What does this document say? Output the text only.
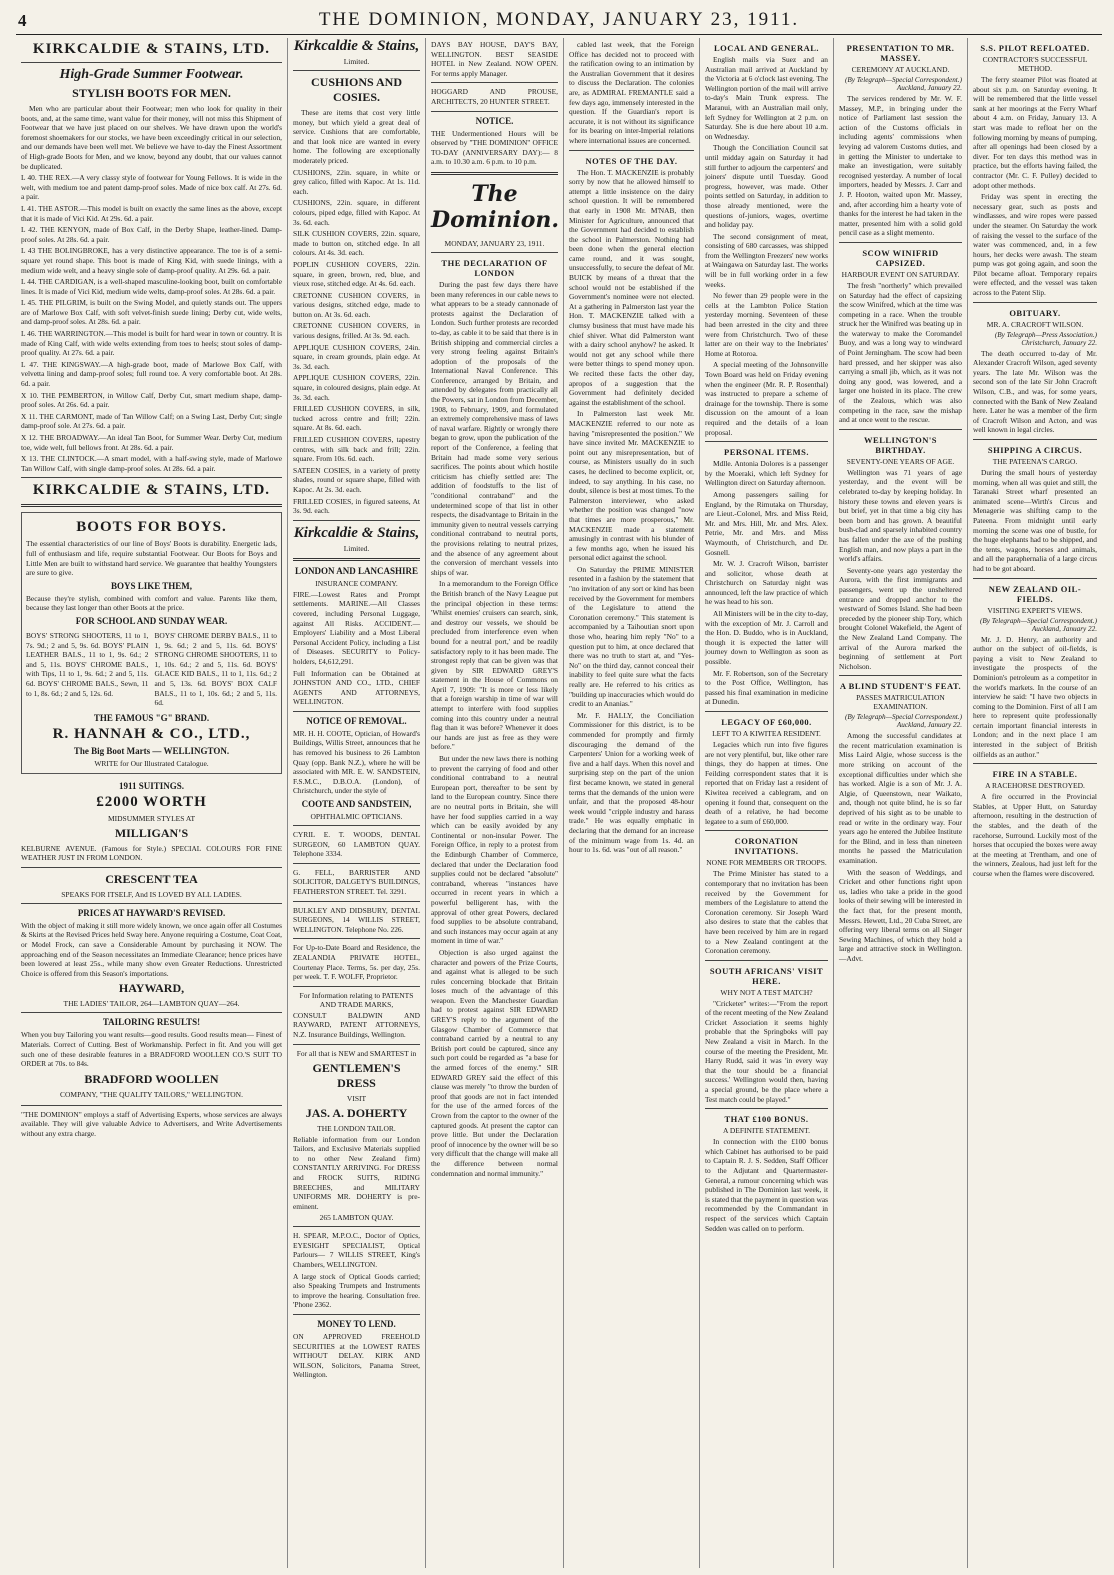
4	THE DOMINION, MONDAY, JANUARY 23, 1911.
KIRKCALDIE & STAINS, LTD.
High-Grade Summer Footwear.
STYLISH BOOTS FOR MEN.

Men who are particular about their Footwear; men who look for quality in their boots, and, at the same time, want value for their money, will not miss this Shipment of Footwear that we have just placed on our shelves. We have drawn upon the world's foremost shoemakers for our stocks, we have been exceedingly critical in our selection, and our demands have been well met. We believe we have to-day the Finest Assortment of High-grade Boots for Men, and we know, beyond any doubt, that our values cannot be duplicated.

L 40. THE REX.—A very classy style of footwear for Young Fellows. It is wide in the welt, with medium toe and patent damp-proof soles. Made of nice box calf. At 27s. 6d. a pair.
L 41. THE ASTOR.—This model is built on exactly the same lines as the above, except that it is made of Vici Kid. At 29s. 6d. a pair.
L 42. THE KENYON, made of Box Calf, in the Derby Shape, leather-lined. Damp-proof soles. At 28s. 6d. a pair.
L 43 THE BOLINGBROKE, has a very distinctive appearance. The toe is of a semi-square yet round shape. This boot is made of King Kid, with suede linings, with a medium wide welt, and a heavy single sole of damp-proof quality. At 29s. 6d. a pair.
L 44. THE CARDIGAN, is a well-shaped masculine-looking boot, built on comfortable lines. It is made of Vici Kid, medium wide welts, damp-proof soles. At 28s. 6d. a pair.
L 45. THE PILGRIM, is built on the Swing Model, and quietly stands out. The uppers are of Marlowe Box Calf, with soft velvet-finish suede lining; Derby cut, wide welts, and damp-proof soles. At 28s. 6d. a pair.
L 46. THE WARRINGTON.—This model is built for hard wear in town or country. It is made of King Calf, with wide welts extending from toes to heels; stout soles of damp-proof quality. At 27s. 6d. a pair.
L 47. THE KINGSWAY.—A high-grade boot, made of Marlowe Box Calf, with velvetta lining and damp-proof soles; full round toe. A very comfortable boot. At 28s. 6d. a pair.
X 10. THE PEMBERTON, in Willow Calf, Derby Cut, smart medium shape, damp-proof soles. At 26s. 6d. a pair.
X 11. THE CARMONT, made of Tan Willow Calf; on a Swing Last, Derby Cut; single damp-proof sole. At 27s. 6d. a pair.
X 12. THE BROADWAY.—An ideal Tan Boot, for Summer Wear. Derby Cut, medium toe, wide welt, full bellows front. At 28s. 6d. a pair.
X 13. THE CLINTOCK.—A smart model, with a half-swing style, made of Marlowe Tan Willow Calf, with single damp-proof soles. At 28s. 6d. a pair.
KIRKCALDIE & STAINS, LTD.
BOOTS FOR BOYS.

The essential characteristics of our line of Boys' Boots is durability. Energetic lads, full of enthusiasm and life, require substantial Footwear. Our Boots for Boys and Little Men are built to withstand hard service. We guarantee that healthy Youngsters are sure to give.

BOYS LIKE THEM,

Because they're stylish, combined with comfort and value. Parents like them, because they last longer than other Boots at the price.

FOR SCHOOL AND SUNDAY WEAR.

BOYS' STRONG SHOOTERS, 11 to 1, 7s. 9d.; 2 and 5, 9s. 6d. BOYS' PLAIN LEATHER BALS., 11 to 1, 9s. 6d.; 2 and 5, 11s. BOYS' CHROME BALS., with Tips, 11 to 1, 9s. 6d.; 2 and 5, 11s. 6d. BOYS' CHROME BALS., Sewn, 11 to 1, 8s. 6d.; 2 and 5, 12s. 6d.

BOYS' CHROME DERBY BALS., 11 to 1, 9s. 6d.; 2 and 5, 11s. 6d. BOYS' STRONG CHROME SHOOTERS, 11 to 1, 10s. 6d.; 2 and 5, 11s. 6d. BOYS' GLACE KID BALS., 11 to 1, 11s. 6d.; 2 and 5, 13s. 6d. BOYS' BOX CALF BALS., 11 to 1, 10s. 6d.; 2 and 5, 11s. 6d.

THE FAMOUS "G" BRAND.
R. HANNAH & CO., LTD.,
The Big Boot Marts — WELLINGTON.
WRITE for Our Illustrated Catalogue.
1911 SUITINGS.
£2000 WORTH
MIDSUMMER STYLES AT
MILLIGAN'S

KELBURNE AVENUE. (Famous for Style.) SPECIAL COLOURS FOR FINE WEATHER JUST IN FROM LONDON.

CRESCENT TEA
SPEAKS FOR ITSELF, And IS LOVED BY ALL LADIES.
PRICES AT HAYWARD'S REVISED.

With the object of making it still more widely known, we once again offer all Costumes & Skirts at the Revised Prices held Sway here. Anyone requiring a Costume, Coat Coat, or Model Frock, can save a Considerable Amount by purchasing it NOW. The approaching end of the Season necessitates an Immediate Clearance; hence prices have been lowered at least 25s., while many show even Greater Reductions. Unrestricted Choice is offered from this Season's importations.

HAYWARD,
THE LADIES' TAILOR, 264—LAMBTON QUAY—264.
TAILORING RESULTS!

When you buy Tailoring you want results—good results. Good results mean— Finest of Materials. Correct of Cutting. Best of Workmanship. Perfect in fit. And you will get such one of these desirable features in a BRADFORD WOOLLEN CO.'S SUIT TO ORDER at 70s. to 84s.

BRADFORD WOOLLEN
COMPANY, "THE QUALITY TAILORS," WELLINGTON.

"THE DOMINION" employs a staff of Advertising Experts, whose services are always available. They will give valuable Advice to Advertisers, and Write Advertisements without any extra charge.

Kirkcaldie & Stains,
Limited.
CUSHIONS AND COSIES.

These are items that cost very little money, but which yield a great deal of service. Cushions that are comfortable, and that look nice are wanted in every home. The following are exceptionally moderately priced.

CUSHIONS, 22in. square, in white or grey calico, filled with Kapoc. At 1s. 11d. each.
CUSHIONS, 22in. square, in different colours, piped edge, filled with Kapoc. At 3s. 6d. each.
SILK CUSHION COVERS, 22in. square, made to button on, stitched edge. In all colours. At 4s. 3d. each.
POPLIN CUSHION COVERS, 22in. square, in green, brown, red, blue, and vieux rose, stitched edge. At 4s. 6d. each.
CRETONNE CUSHION COVERS, in various designs, stitched edge, made to button on. At 3s. 6d. each.
CRETONNE CUSHION COVERS, in various designs, frilled. At 3s. 9d. each.
APPLIQUE CUSHION COVERS, 24in. square, in cream grounds, plain edge. At 3s. 3d. each.
APPLIQUE CUSHION COVERS, 22in. square, in coloured designs, plain edge. At 3s. 3d. each.
FRILLED CUSHION COVERS, in silk, tucked across centre and frill; 22in. square. At 8s. 6d. each.
FRILLED CUSHION COVERS, tapestry centres, with silk back and frill; 22in. square. From 10s. 6d. each.
SATEEN COSIES, in a variety of pretty shades, round or square shape, filled with Kapoc. At 2s. 3d. each.
FRILLED COSIES, in figured sateens, At 3s. 9d. each.
Kirkcaldie & Stains,
Limited.
LONDON AND LANCASHIRE
INSURANCE COMPANY.

FIRE.—Lowest Rates and Prompt settlements. MARINE.—All Classes covered, including Personal Luggage, against All Risks. ACCIDENT.—Employers' Liability and a Most Liberal Personal Accident Policy, including a List of Diseases. SECURITY to Policy-holders, £4,612,291.

Full Information can be Obtained at JOHNSTON AND CO., LTD., CHIEF AGENTS AND ATTORNEYS, WELLINGTON.

NOTICE OF REMOVAL.

MR. H. H. COOTE, Optician, of Howard's Buildings, Willis Street, announces that he has removed his business to 26 Lambton Quay (opp. Bank N.Z.), where he will be associated with MR. E. W. SANDSTEIN, F.S.M.C., D.B.O.A. (London), of Christchurch, under the style of

COOTE AND SANDSTEIN,
OPHTHALMIC OPTICIANS.

CYRIL E. T. WOODS, DENTAL SURGEON, 60 LAMBTON QUAY. Telephone 3334.

G. FELL, BARRISTER AND SOLICITOR, DALGETY'S BUILDINGS, FEATHERSTON STREET. Tel. 3291.

BULKLEY AND DIDSBURY, DENTAL SURGEONS, 14 WILLIS STREET, WELLINGTON. Telephone No. 226.

For Up-to-Date Board and Residence, the ZEALANDIA PRIVATE HOTEL, Courtenay Place. Terms, 5s. per day, 25s. per week. T. F. WOLFF, Proprietor.

For Information relating to PATENTS AND TRADE MARKS,

CONSULT BALDWIN AND RAYWARD, PATENT ATTORNEYS, N.Z. Insurance Buildings, Wellington.

For all that is NEW and SMARTEST in
GENTLEMEN'S DRESS
VISIT
JAS. A. DOHERTY
THE LONDON TAILOR.

Reliable information from our London Tailors, and Exclusive Materials supplied to no other New Zealand firm) CONSTANTLY ARRIVING. For DRESS and FROCK SUITS, RIDING BREECHES, and MILITARY UNIFORMS MR. DOHERTY is pre-eminent.

265 LAMBTON QUAY.

H. SPEAR, M.P.O.C., Doctor of Optics, EYESIGHT SPECIALIST, Optical Parlours— 7 WILLIS STREET, King's Chambers, WELLINGTON.

A large stock of Optical Goods carried; also Speaking Trumpets and Instruments to improve the hearing. Consultation free. 'Phone 2362.

MONEY TO LEND.

ON APPROVED FREEHOLD SECURITIES at the LOWEST RATES WITHOUT DELAY. KIRK AND WILSON, Solicitors, Panama Street, Wellington.

DAYS BAY HOUSE, DAY'S BAY, WELLINGTON. BEST SEASIDE HOTEL in New Zealand. NOW OPEN. For terms apply Manager.

HOGGARD AND PROUSE, ARCHITECTS, 20 HUNTER STREET.

NOTICE.

THE Undermentioned Hours will be observed by "THE DOMINION" OFFICE TO-DAY (ANNIVERSARY DAY):— 8 a.m. to 10.30 a.m. 6 p.m. to 10 p.m.

The Dominion.
MONDAY, JANUARY 23, 1911.
THE DECLARATION OF LONDON

During the past few days there have been many references in our cable news to what appears to be a steady cannonade of protests against the Declaration of London. Such further protests are recorded to-day, as cable it to be said that there is in British shipping and commercial circles a very strong feeling against Britain's adoption of the proposals of the International Naval Conference. This Conference, arranged by Britain, and attended by delegates from practically all the Powers, sat in London from December, 1908, to February, 1909, and formulated an extremely comprehensive mass of laws of naval warfare. Rightly or wrongly there began to grow, upon the publication of the report of the Conference, a feeling that Britain had made some very serious sacrifices. The points about which hostile criticism has chiefly settled are: The addition of foodstuffs to the list of "conditional contraband" and the undetermined scope of that list in other respects, the disadvantage to Britain in the immunity given to neutral vessels carrying conditional contraband to neutral ports, the provisions relating to neutral prizes, and the absence of any agreement about the conversion of merchant vessels into ships of war.

In a memorandum to the Foreign Office the British branch of the Navy League put the principal objection in these terms: 'Whilst enemies' cruisers can search, sink, and destroy our vessels, we should be precluded from interference even when bound for a neutral port,' and be readily satisfactory reply to it has been made. The strongest reply that can be given was that given by SIR EDWARD GREY'S statement in the House of Commons on April 7, 1909: "It is more or less likely that a foreign warship in time of war will attempt to interfere with food supplies coming into this country under a neutral flag than it was before? Whenever it does our hands are just as free as they were before."

But under the new laws there is nothing to prevent the carrying of food and other conditional contraband to a neutral European port, thereafter to be sent by land to the European country. Since there are no neutral ports in Britain, she will have her food supplies carried in a way which can be easily avoided by any Continental or non-insular Power. The Foreign Office, in reply to a protest from the Edinburgh Chamber of Commerce, declared that under the Declaration food supplies could not be declared "absolute" contraband, whereas "instances have occurred in recent years in which a powerful belligerent has, with the approval of other great Powers, declared food supplies to be absolute contraband, and such instances may occur again at any moment in time of war."

Objection is also urged against the character and powers of the Prize Courts, and against what is alleged to be such rules concerning blockade that Britain loses much of the advantage of this weapon. Even the Manchester Guardian had to protest against SIR EDWARD GREY'S reply to the argument of the Glasgow Chamber of Commerce that contraband carried by a neutral to any British port could be captured, since any such port could be regarded as "a base for the armed forces of the enemy." SIR EDWARD GREY said the effect of this clause was merely "to throw the burden of proof that goods are not in fact intended for the use of the armed forces of the Crown from the captor to the owner of the captured goods. At present the captor can prove little. But under the Declaration proof of innocence by the owner will be so very difficult that the change will make all the difference between normal condemnation and normal immunity."

cabled last week, that the Foreign Office has decided not to proceed with the ratification owing to an intimation by the Australian Government that it desires to discuss the Declaration. The colonies are, as ADMIRAL FREMANTLE said a few days ago, immensely interested in the question. If the Guardian's report is accurate, it is not without its significance for its bearing on inter-Imperial relations where international issues are concerned.

NOTES OF THE DAY.

The Hon. T. MACKENZIE is probably sorry by now that he allowed himself to attempt a little insistence on the dairy school question. It will be remembered that early in 1908 Mr. M'NAB, then Minister for Agriculture, announced that the Government had decided to establish the school in Palmerston. Nothing had been done when the general election came round, and it was sought, unsuccessfully, to secure the defeat of Mr. BUICK by means of a threat that the school would not be established if the Government's nominee were not elected. At a gathering in Palmerston last year the Hon. T. MACKENZIE talked with a clumsy business that must have made his chief shiver. What did Palmerston want with a dairy school anyhow? he asked. It would not get any school while there were better things to spend money upon. We recited these facts the other day, apropos of a suggestion that the Government had definitely decided against the establishment of the school.

In Palmerston last week Mr. MACKENZIE referred to our note as having "misrepresented the position." We have since invited Mr. MACKENZIE to point out any misrepresentation, but of course, as Ministers usually do in such cases, he declined to become explicit, or, indeed, to say anything. In his case, no doubt, silence is best at most times. To the Palmerston interviewer, who asked whether the position was changed "now that times are more prosperous," Mr. MACKENZIE made a statement amusingly in contrast with his blunder of a few months ago, when he issued his personal edict against the school.

On Saturday the PRIME MINISTER resented in a fashion by the statement that "no invitation of any sort or kind has been received by the Government for members of the Legislature to attend the Coronation ceremony." This statement is accompanied by a Taihoutian snort upon those who, hearing him reply "No" to a question put to him, at once declared that there was no truth to start at, and "Yes-No" on the third day, cannot conceal their inability to feel quite sure what the facts really are. He referred to his critics as "building up inaccuracies which would do credit to an Ananias."

Mr. F. HALLY, the Conciliation Commissioner for this district, is to be commended for promptly and firmly discouraging the demand of the Carpenters' Union for a working week of five and a half days. When this novel and surprising step on the part of the union first became known, we stated in general terms that the demands of the union were unfair, and that the proposed 48-hour week would "cripple industry and harass trade." He was equally emphatic in declaring that the demand for an increase of the minimum wage from 1s. 4d. an hour to 1s. 6d. was "out of all reason."

LOCAL AND GENERAL.

English mails via Suez and an Australian mail arrived at Auckland by the Victoria at 6 o'clock last evening. The Wellington portion of the mail will arrive to-day's Main Trunk express. The Maranui, with an Australian mail only, left Sydney for Wellington at 2 p.m. on Saturday. She is due here about 10 a.m. on Wednesday.

Though the Conciliation Council sat until midday again on Saturday it had still further to adjourn the carpenters' and joiners' dispute until Tuesday. Good progress, however, was made. Other points settled on Saturday, in addition to those already mentioned, were the questions of-juniors, wages, overtime and holiday pay.

The second consignment of meat, consisting of 680 carcasses, was shipped from the Wellington Freezers' new works at Waingawa on Saturday last. The works will be in full working order in a few weeks.

No fewer than 29 people were in the cells at the Lambton Police Station yesterday morning. Seventeen of these had been arrested in the city and three were from Christchurch. Two of these latter are on their way to the Inebriates' Home at Rotoroa.

A special meeting of the Johnsonville Town Board was held on Friday evening when the engineer (Mr. R. P. Rosenthal) was instructed to prepare a scheme of drainage for the township. There is some discussion on the amount of a loan required and the details of a loan proposal.

PERSONAL ITEMS.

Mdlle. Antonia Dolores is a passenger by the Moeraki, which left Sydney for Wellington direct on Saturday afternoon.

Among passengers sailing for England, by the Rimutaka on Thursday, are Lieut.-Colonel, Mrs. and Miss Reid, Mr. and Mrs. Hill, Mr. and Mrs. Alex. Petrie, Mr. and Mrs. and Miss Waymouth, of Christchurch, and Dr. Gosnell.

Mr. W. J. Cracroft Wilson, barrister and solicitor, whose death at Christchurch on Saturday night was announced, left the law practice of which he was head to his son.

All Ministers will be in the city to-day, with the exception of Mr. J. Carroll and the Hon. D. Buddo, who is in Auckland, though it is expected the latter will journey down to Wellington as soon as possible.

Mr. F. Robertson, son of the Secretary to the Post Office, Wellington, has passed his final examination in medicine at Dunedin.

LEGACY OF £60,000.
LEFT TO A KIWITEA RESIDENT.

Legacies which run into five figures are not very plentiful, but, like other rare things, they do happen at times. One Feilding correspondent states that it is reported that on Friday last a resident of Kiwitea received a cablegram, and on opening it found that, consequent on the death of a relative, he had become legatee to a sum of £60,000.

CORONATION INVITATIONS.
NONE FOR MEMBERS OR TROOPS.

The Prime Minister has stated to a contemporary that no invitation has been received by the Government for members of the Legislature to attend the Coronation ceremony. Sir Joseph Ward also desires to state that the cables that have been received by him are in regard to a New Zealand contingent at the Coronation ceremony.

SOUTH AFRICANS' VISIT HERE.
WHY NOT A TEST MATCH?

"Cricketer" writes:—"From the report of the recent meeting of the New Zealand Cricket Association it seems highly probable that the Springboks will pay New Zealand a visit in March. In the course of the meeting the President, Mr. Harry Rudd, said it was 'in every way that the tour should be a financial success.' Wellington would then, having a special ground, be the place where a Test match could be played."

THAT £100 BONUS.
A DEFINITE STATEMENT.

In connection with the £100 bonus which Cabinet has authorised to be paid to Captain R. J. S. Sedden, Staff Officer to the Adjutant and Quartermaster-General, a rumour concerning which was published in The Dominion last week, it is stated that the payment in question was recommended by the Commandant in respect of the services which Captain Sedden was called on to perform.

PRESENTATION TO MR. MASSEY.
CEREMONY AT AUCKLAND.
(By Telegraph—Special Correspondent.) Auckland, January 22.

The services rendered by Mr. W. F. Massey, M.P., in bringing under the notice of Parliament last session the action of the Customs officials in including agents' commissions when levying ad valorem Customs duties, and in getting the Minister to undertake to make an investigation, were suitably recognised yesterday. A number of local importers, headed by Messrs. J. Carr and J. P. Hooton, waited upon Mr. Massey, and, after according him a hearty vote of thanks for the interest he had taken in the matter, presented him with a solid gold pencil case as a slight memento.

SCOW WINIFRID CAPSIZED.
HARBOUR EVENT ON SATURDAY.

The fresh "northerly" which prevailed on Saturday had the effect of capsizing the scow Winifred, which at the time was competing in a race. When the trouble struck her the Winifred was beating up in the waterway to make the Coromandel Buoy, and was a long way to windward of Point Jerningham. The scow had been hard pressed, and her skipper was also carrying a small jib, which, as it was not doing any good, was lowered, and a larger one hoisted in its place. The crew of the Zealous, which was also competing in the race, saw the mishap and at once went to the rescue.

WELLINGTON'S BIRTHDAY.
SEVENTY-ONE YEARS OF AGE.

Wellington was 71 years of age yesterday, and the event will be celebrated to-day by keeping holiday. In history these towns and eleven years is but brief, yet in that time a big city has been born and has grown. A beautiful bush-clad and sparsely inhabited country has fallen under the axe of the pushing English man, and now plays a part in the world's affairs.

Seventy-one years ago yesterday the Aurora, with the first immigrants and passengers, went up the unsheltered entrance and dropped anchor to the westward of Somes Island. She had been preceded by the pioneer ship Tory, which brought Colonel Wakefield, the Agent of the New Zealand Land Company. The arrival of the Aurora marked the beginning of settlement at Port Nicholson.

A BLIND STUDENT'S FEAT.
PASSES MATRICULATION EXAMINATION.
(By Telegraph—Special Correspondent.) Auckland, January 22.

Among the successful candidates at the recent matriculation examination is Miss Laird Algie, whose success is the more striking on account of the exceptional difficulties under which she has worked. Algie is a son of Mr. J. A. Algie, of Queenstown, near Waikato, and, though not quite blind, he is so far deprived of his sight as to be unable to read or write in the ordinary way. Four years ago he entered the Jubilee Institute for the Blind, and in less than nineteen months he passed the Matriculation examination.

With the season of Weddings, and Cricket and other functions right upon us, ladies who take a pride in the good looks of their sewing will be interested in the fact that, for the present month, Messrs. Hewett, Ltd., 20 Cuba Street, are offering very liberal terms on all Singer Sewing Machines, of which they hold a large and attractive stock in Wellington.—Advt.

S.S. PILOT REFLOATED.
CONTRACTOR'S SUCCESSFUL METHOD.

The ferry steamer Pilot was floated at about six p.m. on Saturday evening. It will be remembered that the little vessel sank at her moorings at the Ferry Wharf about 4 a.m. on Friday, January 13. A start was made to refloat her on the following morning by means of pumping, after all openings had been closed by a diver. For ten days this method was in practice, but the efforts having failed, the contractor (Mr. C. F. Pulley) decided to adopt other methods.

Friday was spent in erecting the necessary gear, such as posts and windlasses, and wire ropes were passed under the steamer. On Saturday the work of raising the vessel to the surface of the water was commenced, and, in a few hours, her decks were awash. The steam pump was got going again, and soon the Pilot became afloat. Temporary repairs were effected, and the vessel was taken across to the Patent Slip.

OBITUARY.
MR. A. CRACROFT WILSON.
(By Telegraph—Press Association.) Christchurch, January 22.

The death occurred to-day of Mr. Alexander Cracroft Wilson, aged seventy years. The late Mr. Wilson was the second son of the late Sir John Cracroft Wilson, C.B., and was, for some years, connected with the Bank of New Zealand here. Later he was a member of the firm of Cracroft Wilson and Acton, and was well known in legal circles.

SHIPPING A CIRCUS.
THE PATEENA'S CARGO.

During the small hours of yesterday morning, when all was quiet and still, the Taranaki Street wharf presented an animated scene—Wirth's Circus and Menagerie was shifting camp to the Pateena. From midnight until early morning the scene was one of bustle, for the huge elephants had to be shipped, and the tents, wagons, horses and animals, and all the paraphernalia of a large circus had to be got aboard.

NEW ZEALAND OIL-FIELDS.
VISITING EXPERT'S VIEWS.
(By Telegraph—Special Correspondent.) Auckland, January 22.

Mr. J. D. Henry, an authority and author on the subject of oil-fields, is paying a visit to New Zealand to investigate the prospects of the Dominion's petroleum as a competitor in the world's markets. In the course of an interview he said: "I have two objects in coming to the Dominion. First of all I am here to represent quite professionally certain important financial interests in London; and in the next place I am interested in the subject of British oilfields as an author."

FIRE IN A STABLE.
A RACEHORSE DESTROYED.

A fire occurred in the Provincial Stables, at Upper Hutt, on Saturday afternoon, resulting in the destruction of the stables, and the death of the racehorse, Surround. Luckily most of the horses that occupied the boxes were away at the meeting at Trentham, and one of the winners, Zealous, had just left for the course when the flames were discovered.
